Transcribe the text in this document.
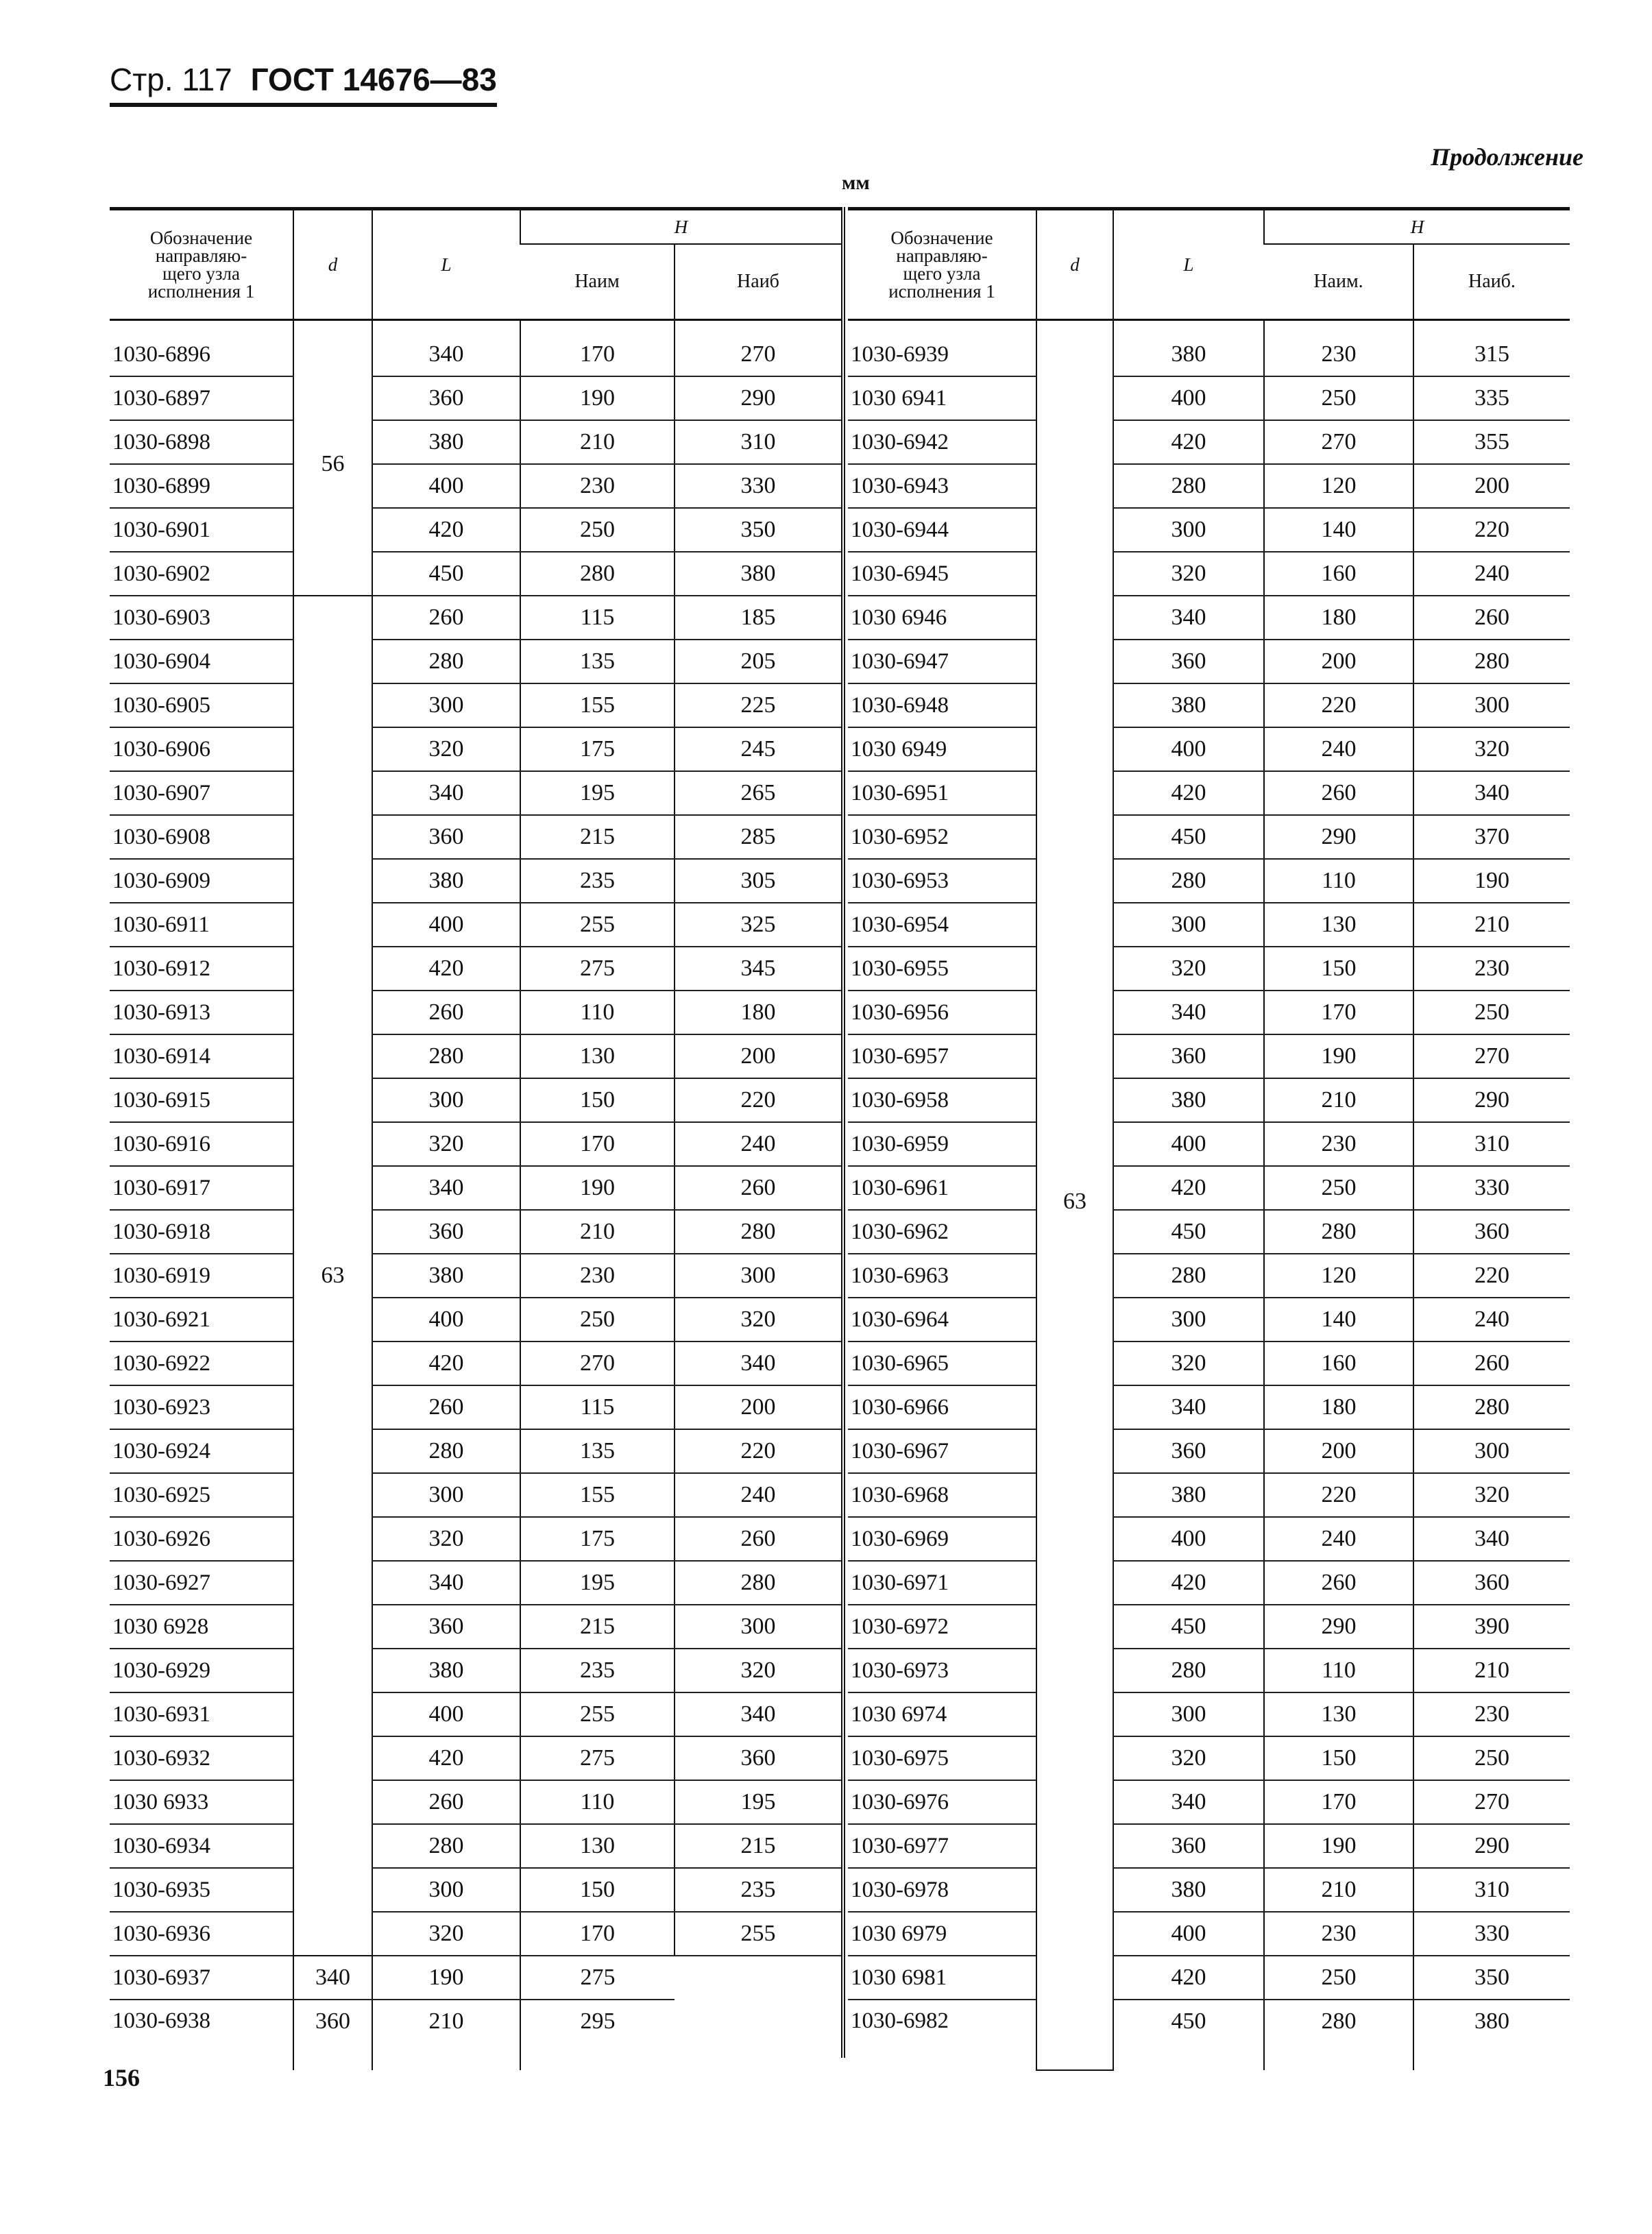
Стр. 117 ГОСТ 14676—83
Продолжение
мм
Обозначение
направляю-
щего узла
исполнения 1	d	L	H	
			Наим	Наиб
1030-6896	56	340	170	270
1030-6897		360	190	290
1030-6898		380	210	310
1030-6899		400	230	330
1030-6901		420	250	350
1030-6902		450	280	380
1030-6903	63	260	115	185
1030-6904		280	135	205
1030-6905		300	155	225
1030-6906		320	175	245
1030-6907		340	195	265
1030-6908		360	215	285
1030-6909		380	235	305
1030-6911		400	255	325
1030-6912		420	275	345
1030-6913		260	110	180
1030-6914		280	130	200
1030-6915		300	150	220
1030-6916		320	170	240
1030-6917		340	190	260
1030-6918		360	210	280
1030-6919		380	230	300
1030-6921		400	250	320
1030-6922		420	270	340
1030-6923		260	115	200
1030-6924		280	135	220
1030-6925		300	155	240
1030-6926		320	175	260
1030-6927		340	195	280
1030 6928		360	215	300
1030-6929		380	235	320
1030-6931		400	255	340
1030-6932		420	275	360
1030 6933		260	110	195
1030-6934		280	130	215
1030-6935		300	150	235
1030-6936		320	170	255
1030-6937	340	190	275	
1030-6938	360	210	295	
Обозначение
направляю-
щего узла
исполнения 1	d	L	H	
			Наим.	Наиб.
1030-6939	63	380	230	315
1030 6941		400	250	335
1030-6942		420	270	355
1030-6943		280	120	200
1030-6944		300	140	220
1030-6945		320	160	240
1030 6946		340	180	260
1030-6947		360	200	280
1030-6948		380	220	300
1030 6949		400	240	320
1030-6951		420	260	340
1030-6952		450	290	370
1030-6953		280	110	190
1030-6954		300	130	210
1030-6955		320	150	230
1030-6956		340	170	250
1030-6957		360	190	270
1030-6958		380	210	290
1030-6959		400	230	310
1030-6961		420	250	330
1030-6962		450	280	360
1030-6963		280	120	220
1030-6964		300	140	240
1030-6965		320	160	260
1030-6966		340	180	280
1030-6967		360	200	300
1030-6968		380	220	320
1030-6969		400	240	340
1030-6971		420	260	360
1030-6972		450	290	390
1030-6973		280	110	210
1030 6974		300	130	230
1030-6975		320	150	250
1030-6976		340	170	270
1030-6977		360	190	290
1030-6978		380	210	310
1030 6979		400	230	330
1030 6981		420	250	350
1030-6982		450	280	380
156
